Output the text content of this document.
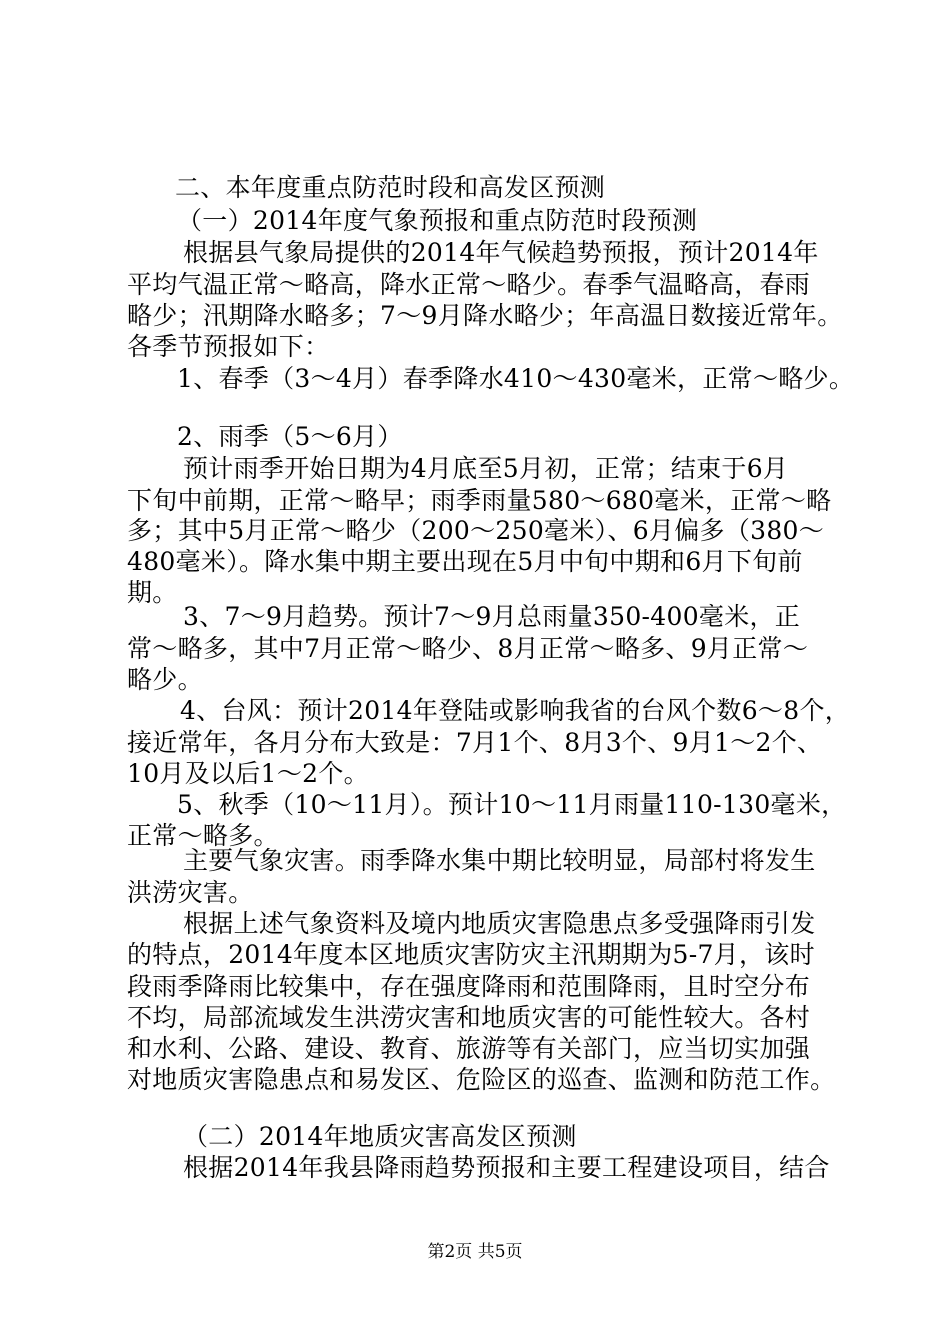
二、本年度重点防范时段和高发区预测
（一）2014年度气象预报和重点防范时段预测
根据县气象局提供的2014年气候趋势预报，预计2014年
平均气温正常～略高，降水正常～略少。春季气温略高，春雨
略少；汛期降水略多；7～9月降水略少；年高温日数接近常年。
各季节预报如下：
1、春季（3～4月）春季降水410～430毫米，正常～略少。
2、雨季（5～6月）
预计雨季开始日期为4月底至5月初，正常；结束于6月
下旬中前期，正常～略早；雨季雨量580～680毫米，正常～略
多；其中5月正常～略少（200～250毫米）、6月偏多（380～
480毫米）。降水集中期主要出现在5月中旬中期和6月下旬前
期。
3、7～9月趋势。预计7～9月总雨量350-400毫米，正
常～略多，其中7月正常～略少、8月正常～略多、9月正常～
略少。
4、台风：预计2014年登陆或影响我省的台风个数6～8个，
接近常年，各月分布大致是：7月1个、8月3个、9月1～2个、
10月及以后1～2个。
5、秋季（10～11月）。预计10～11月雨量110-130毫米，
正常～略多。
主要气象灾害。雨季降水集中期比较明显，局部村将发生
洪涝灾害。
根据上述气象资料及境内地质灾害隐患点多受强降雨引发
的特点，2014年度本区地质灾害防灾主汛期期为5-7月，该时
段雨季降雨比较集中，存在强度降雨和范围降雨，且时空分布
不均，局部流域发生洪涝灾害和地质灾害的可能性较大。各村
和水利、公路、建设、教育、旅游等有关部门，应当切实加强
对地质灾害隐患点和易发区、危险区的巡查、监测和防范工作。
（二）2014年地质灾害高发区预测
根据2014年我县降雨趋势预报和主要工程建设项目，结合
第2页 共5页
